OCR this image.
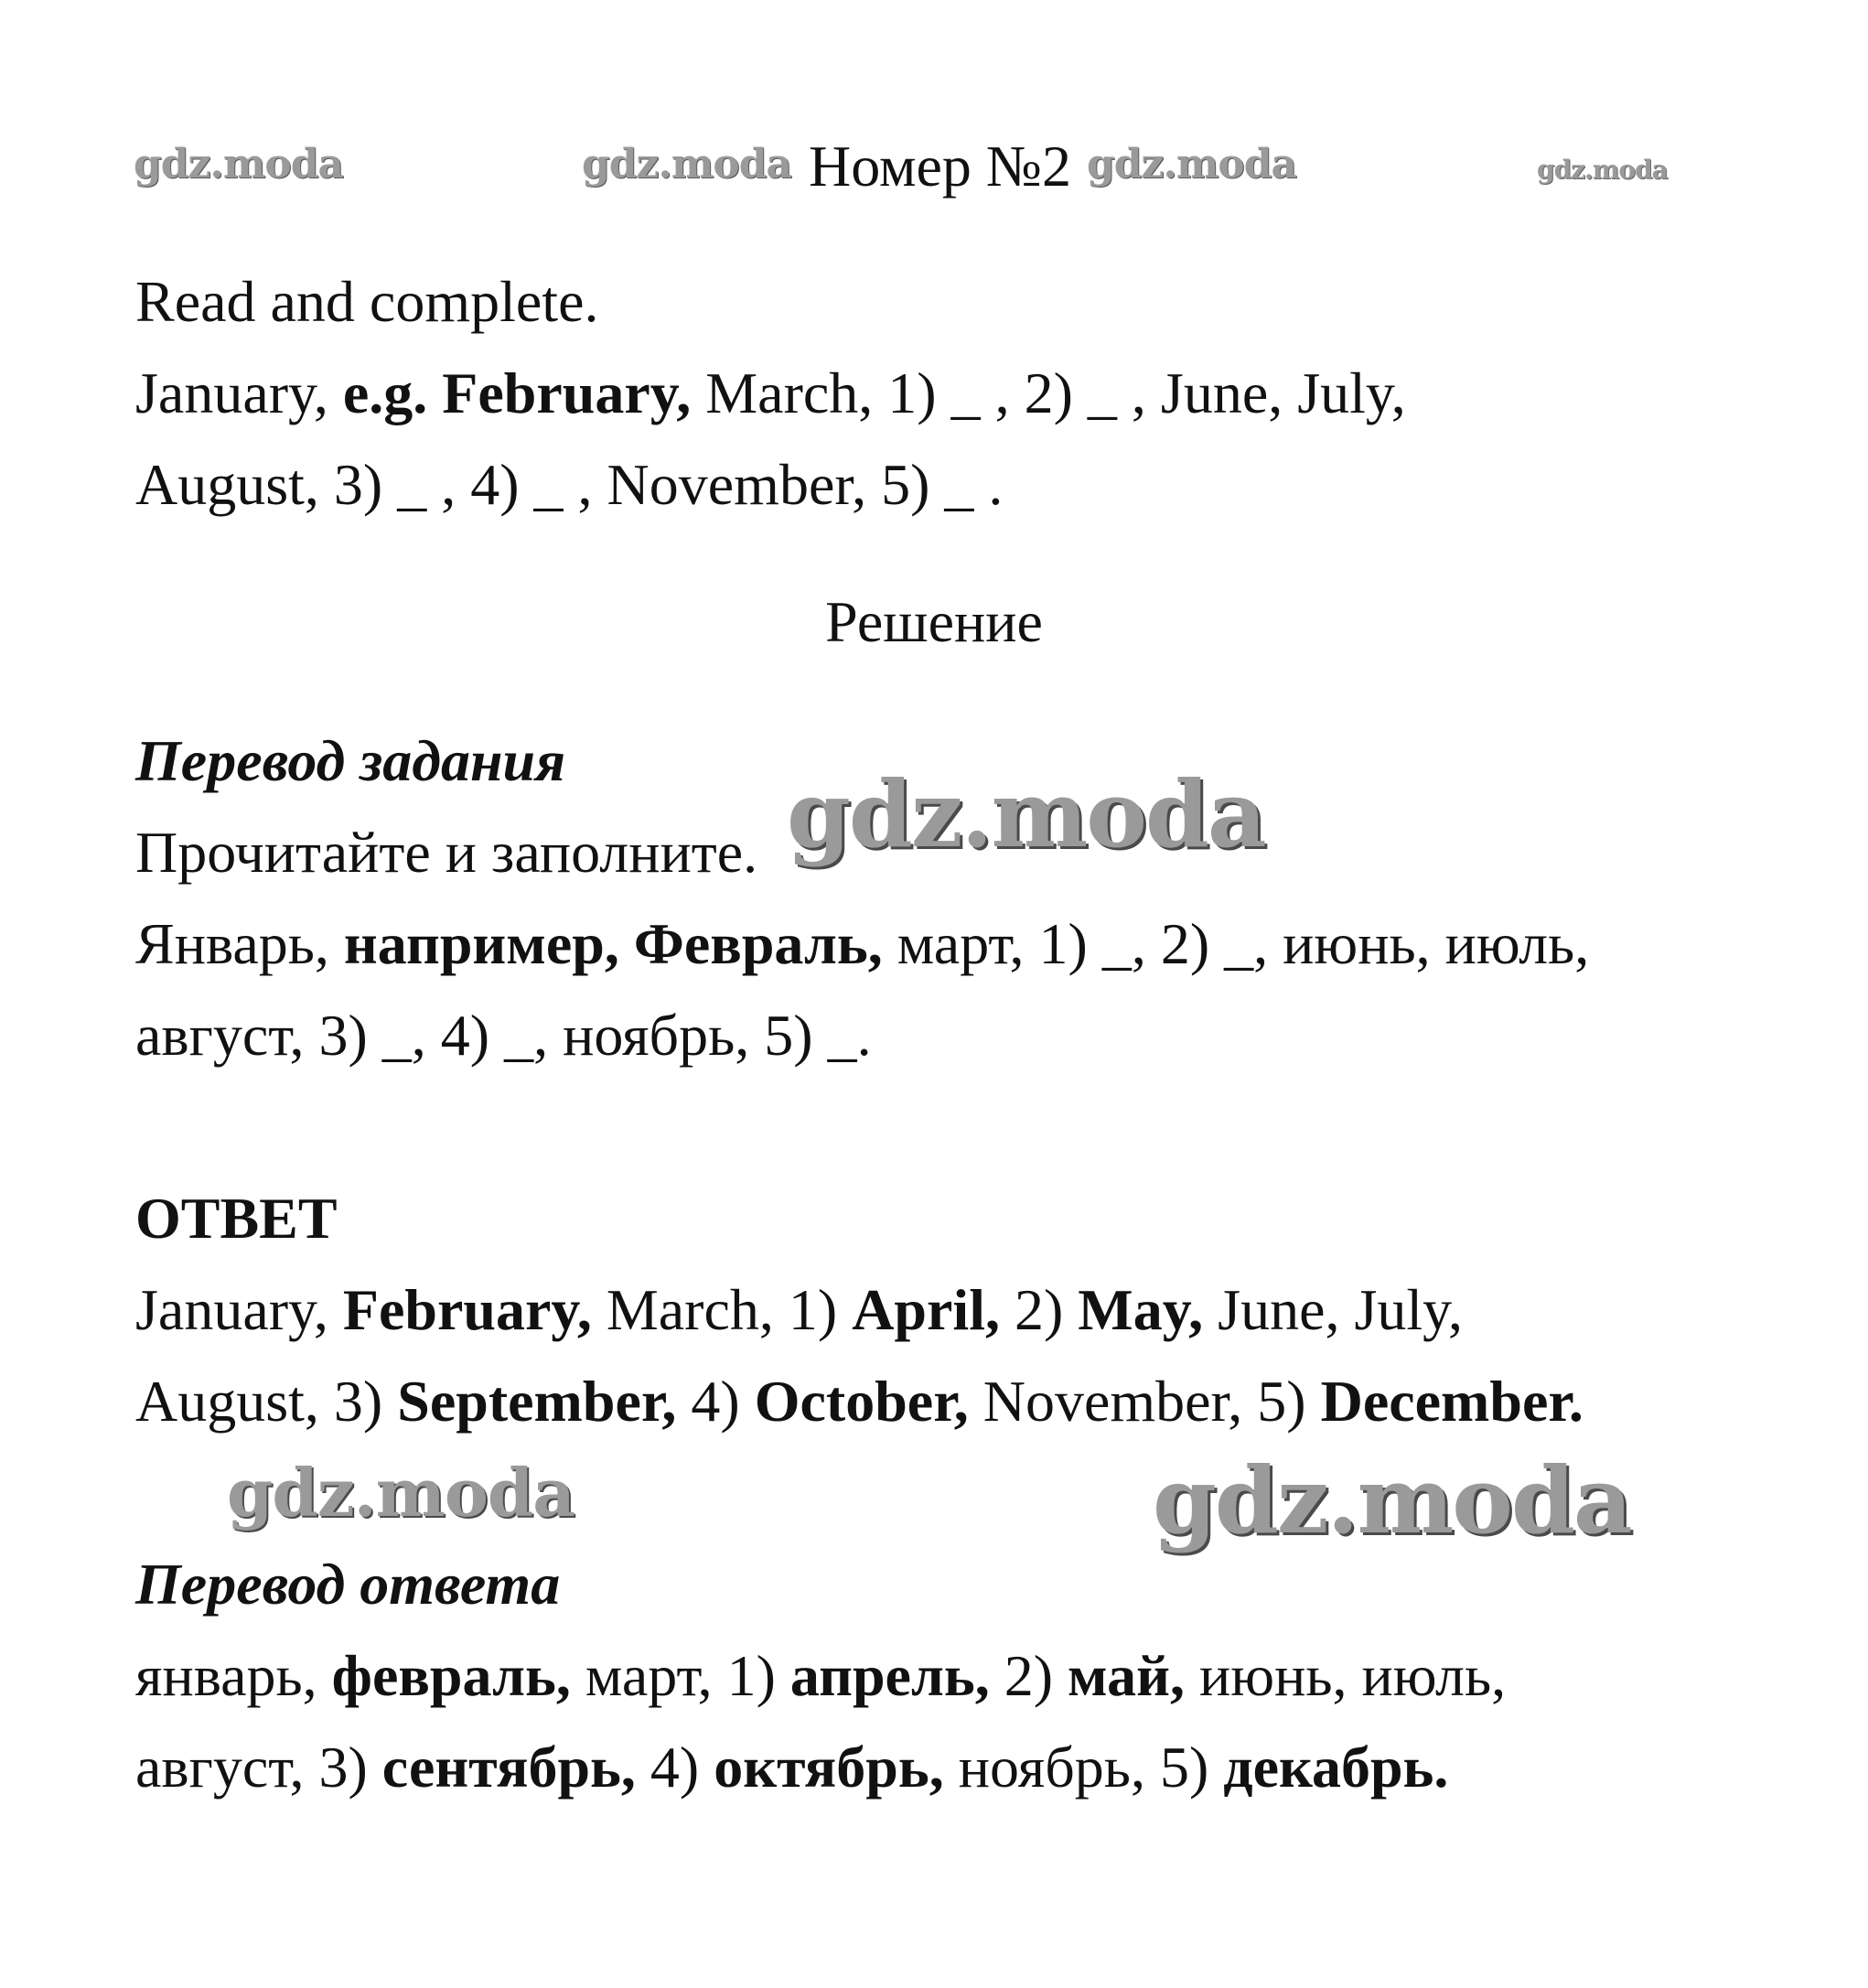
gdz.moda	gdz.moda	gdz.moda	gdz.moda
gdz.moda
gdz.moda	gdz.moda
Номер №2

Read and complete.

January, e.g. February, March, 1) _ , 2) _ , June, July,

August, 3) _ , 4) _ , November, 5) _ .

Решение

Перевод задания

Прочитайте и заполните.

Январь, например, Февраль, март, 1) _, 2) _, июнь, июль,

август, 3) _, 4) _, ноябрь, 5) _.

ОТВЕТ

January, February, March, 1) April, 2) May, June, July,

August, 3) September, 4) October, November, 5) December.

Перевод ответа

январь, февраль, март, 1) апрель, 2) май, июнь, июль,

август, 3) сентябрь, 4) октябрь, ноябрь, 5) декабрь.
